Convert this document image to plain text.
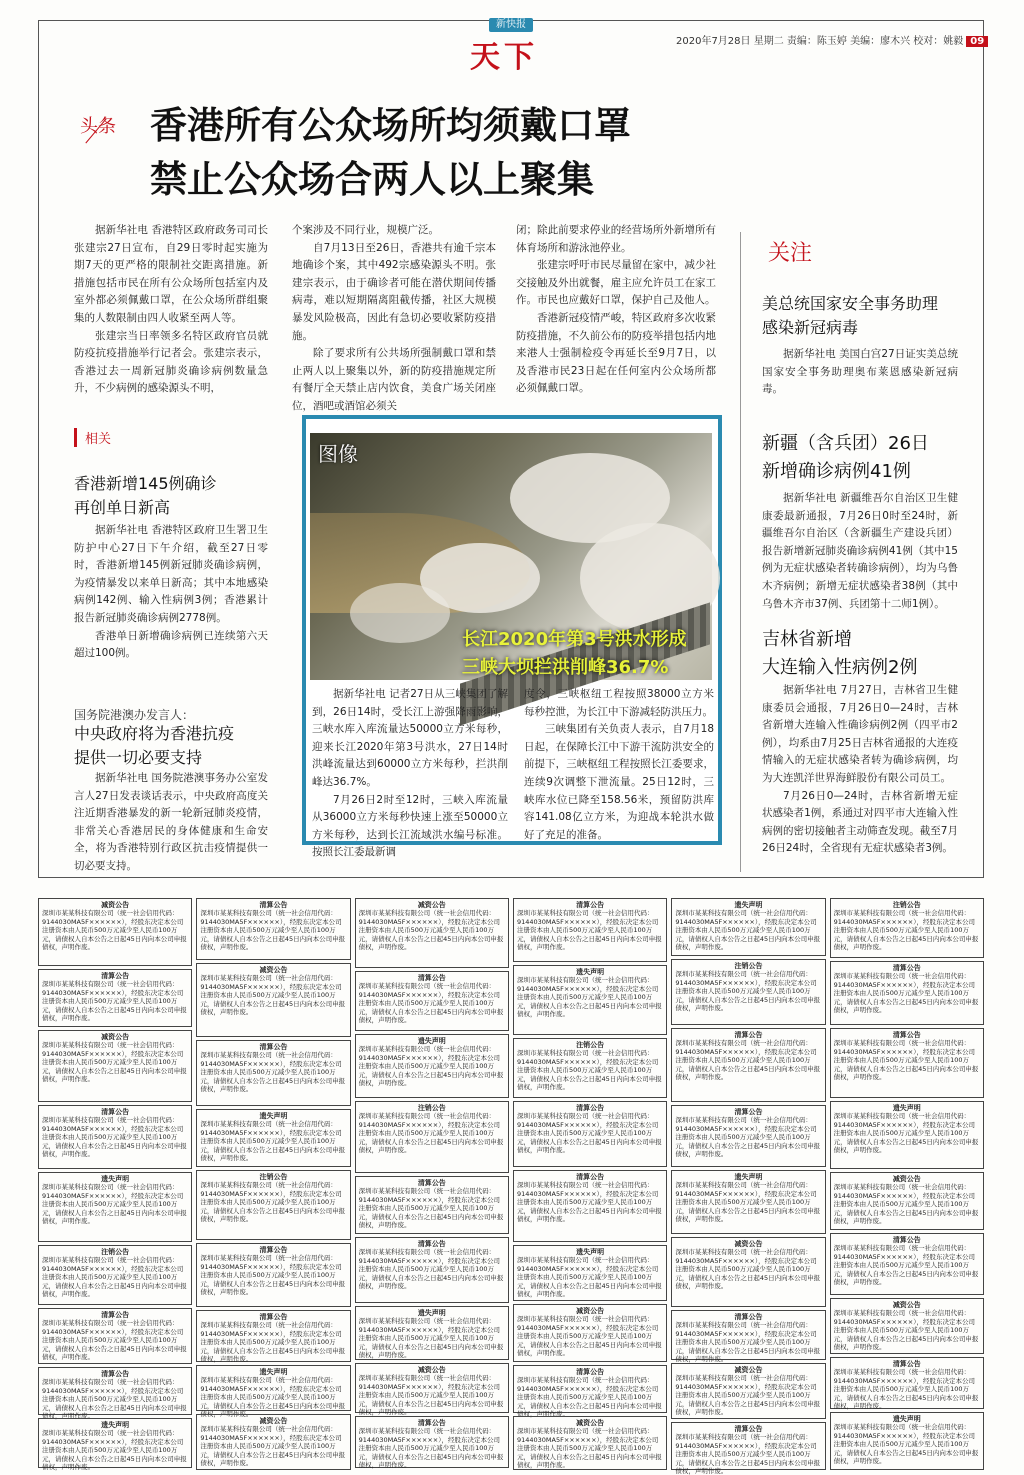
新快报
天下	2020年7月28日 星期二 责编：陈玉婷 美编：廖木兴 校对：姚毅 09
头条 香港所有公众场所均须戴口罩
禁止公众场合两人以上聚集

据新华社电 香港特区政府政务司司长张建宗27日宣布，自29日零时起实施为期7天的更严格的限制社交距离措施。新措施包括市民在所有公众场所包括室内及室外都必须佩戴口罩，在公众场所群组聚集的人数限制由四人收紧至两人等。

张建宗当日率领多名特区政府官员就防疫抗疫措施举行记者会。张建宗表示，香港过去一周新冠肺炎确诊病例数量急升，不少病例的感染源头不明，

个案涉及不同行业，规模广泛。

自7月13日至26日，香港共有逾千宗本地确诊个案，其中492宗感染源头不明。张建宗表示，由于确诊者可能在潜伏期间传播病毒，难以短期隔离阻截传播，社区大规模暴发风险极高，因此有急切必要收紧防疫措施。

除了要求所有公共场所强制戴口罩和禁止两人以上聚集以外，新的防疫措施规定所有餐厅全天禁止店内饮食，美食广场关闭座位，酒吧或酒馆必须关

闭；除此前要求停业的经营场所外新增所有体育场所和游泳池停业。

张建宗呼吁市民尽量留在家中，减少社交接触及外出就餐，雇主应允许员工在家工作。市民也应戴好口罩，保护自己及他人。

香港新冠疫情严峻，特区政府多次收紧防疫措施，不久前公布的防疫举措包括内地来港人士强制检疫令再延长至9月7日，以及香港市民23日起在任何室内公众场所都必须佩戴口罩。

相关
香港新增145例确诊
再创单日新高

据新华社电 香港特区政府卫生署卫生防护中心27日下午介绍，截至27日零时，香港新增145例新冠肺炎确诊病例，为疫情暴发以来单日新高；其中本地感染病例142例、输入性病例3例；香港累计报告新冠肺炎确诊病例2778例。

香港单日新增确诊病例已连续第六天超过100例。

国务院港澳办发言人：
中央政府将为香港抗疫
提供一切必要支持

据新华社电 国务院港澳事务办公室发言人27日发表谈话表示，中央政府高度关注近期香港暴发的新一轮新冠肺炎疫情，非常关心香港居民的身体健康和生命安全，将为香港特别行政区抗击疫情提供一切必要支持。

图像
长江2020年第3号洪水形成
三峡大坝拦洪削峰36.7%

据新华社电 记者27日从三峡集团了解到，26日14时，受长江上游强降雨影响，三峡水库入库流量达50000立方米每秒，迎来长江2020年第3号洪水，27日14时洪峰流量达到60000立方米每秒，拦洪削峰达36.7%。

7月26日2时至12时，三峡入库流量从36000立方米每秒快速上涨至50000立方米每秒，达到长江流域洪水编号标准。按照长江委最新调

度令，三峡枢纽工程按照38000立方米每秒控泄，为长江中下游减轻防洪压力。

三峡集团有关负责人表示，自7月18日起，在保障长江中下游干流防洪安全的前提下，三峡枢纽工程按照长江委要求，连续9次调整下泄流量。25日12时，三峡库水位已降至158.56米，预留防洪库容141.08亿立方米，为迎战本轮洪水做好了充足的准备。

关注
美总统国家安全事务助理
感染新冠病毒

据新华社电 美国白宫27日证实美总统国家安全事务助理奥布莱恩感染新冠病毒。

新疆（含兵团）26日
新增确诊病例41例

据新华社电 新疆维吾尔自治区卫生健康委最新通报，7月26日0时至24时，新疆维吾尔自治区（含新疆生产建设兵团）报告新增新冠肺炎确诊病例41例（其中15例为无症状感染者转确诊病例），均为乌鲁木齐病例；新增无症状感染者38例（其中乌鲁木齐市37例、兵团第十二师1例）。

吉林省新增
大连输入性病例2例

据新华社电 7月27日，吉林省卫生健康委员会通报，7月26日0—24时，吉林省新增大连输入性确诊病例2例（四平市2例），均系由7月25日吉林省通报的大连疫情输入的无症状感染者转为确诊病例，均为大连凯洋世界海鲜股份有限公司员工。

7月26日0—24时，吉林省新增无症状感染者1例，系通过对四平市大连输入性病例的密切接触者主动筛查发现。截至7月26日24时，全省现有无症状感染者3例。

减资公告
深圳市某某科技有限公司（统一社会信用代码：9144030MA5F××××××），经股东决定本公司注册资本由人民币500万元减少至人民币100万元，请债权人自本公告之日起45日内向本公司申报债权，声明作废。
清算公告
深圳市某某科技有限公司（统一社会信用代码：9144030MA5F××××××），经股东决定本公司注册资本由人民币500万元减少至人民币100万元，请债权人自本公告之日起45日内向本公司申报债权，声明作废。
减资公告
深圳市某某科技有限公司（统一社会信用代码：9144030MA5F××××××），经股东决定本公司注册资本由人民币500万元减少至人民币100万元，请债权人自本公告之日起45日内向本公司申报债权，声明作废。
清算公告
深圳市某某科技有限公司（统一社会信用代码：9144030MA5F××××××），经股东决定本公司注册资本由人民币500万元减少至人民币100万元，请债权人自本公告之日起45日内向本公司申报债权，声明作废。
遗失声明
深圳市某某科技有限公司（统一社会信用代码：9144030MA5F××××××），经股东决定本公司注册资本由人民币500万元减少至人民币100万元，请债权人自本公告之日起45日内向本公司申报债权，声明作废。
注销公告
深圳市某某科技有限公司（统一社会信用代码：9144030MA5F××××××），经股东决定本公司注册资本由人民币500万元减少至人民币100万元，请债权人自本公告之日起45日内向本公司申报债权，声明作废。
清算公告
深圳市某某科技有限公司（统一社会信用代码：9144030MA5F××××××），经股东决定本公司注册资本由人民币500万元减少至人民币100万元，请债权人自本公告之日起45日内向本公司申报债权，声明作废。
清算公告
深圳市某某科技有限公司（统一社会信用代码：9144030MA5F××××××），经股东决定本公司注册资本由人民币500万元减少至人民币100万元，请债权人自本公告之日起45日内向本公司申报债权，声明作废。
遗失声明
深圳市某某科技有限公司（统一社会信用代码：9144030MA5F××××××），经股东决定本公司注册资本由人民币500万元减少至人民币100万元，请债权人自本公告之日起45日内向本公司申报债权，声明作废。
清算公告
深圳市某某科技有限公司（统一社会信用代码：9144030MA5F××××××），经股东决定本公司注册资本由人民币500万元减少至人民币100万元，请债权人自本公告之日起45日内向本公司申报债权，声明作废。
减资公告
深圳市某某科技有限公司（统一社会信用代码：9144030MA5F××××××），经股东决定本公司注册资本由人民币500万元减少至人民币100万元，请债权人自本公告之日起45日内向本公司申报债权，声明作废。
清算公告
深圳市某某科技有限公司（统一社会信用代码：9144030MA5F××××××），经股东决定本公司注册资本由人民币500万元减少至人民币100万元，请债权人自本公告之日起45日内向本公司申报债权，声明作废。
遗失声明
深圳市某某科技有限公司（统一社会信用代码：9144030MA5F××××××），经股东决定本公司注册资本由人民币500万元减少至人民币100万元，请债权人自本公告之日起45日内向本公司申报债权，声明作废。
注销公告
深圳市某某科技有限公司（统一社会信用代码：9144030MA5F××××××），经股东决定本公司注册资本由人民币500万元减少至人民币100万元，请债权人自本公告之日起45日内向本公司申报债权，声明作废。
清算公告
深圳市某某科技有限公司（统一社会信用代码：9144030MA5F××××××），经股东决定本公司注册资本由人民币500万元减少至人民币100万元，请债权人自本公告之日起45日内向本公司申报债权，声明作废。
清算公告
深圳市某某科技有限公司（统一社会信用代码：9144030MA5F××××××），经股东决定本公司注册资本由人民币500万元减少至人民币100万元，请债权人自本公告之日起45日内向本公司申报债权，声明作废。
遗失声明
深圳市某某科技有限公司（统一社会信用代码：9144030MA5F××××××），经股东决定本公司注册资本由人民币500万元减少至人民币100万元，请债权人自本公告之日起45日内向本公司申报债权，声明作废。
减资公告
深圳市某某科技有限公司（统一社会信用代码：9144030MA5F××××××），经股东决定本公司注册资本由人民币500万元减少至人民币100万元，请债权人自本公告之日起45日内向本公司申报债权，声明作废。
减资公告
深圳市某某科技有限公司（统一社会信用代码：9144030MA5F××××××），经股东决定本公司注册资本由人民币500万元减少至人民币100万元，请债权人自本公告之日起45日内向本公司申报债权，声明作废。
清算公告
深圳市某某科技有限公司（统一社会信用代码：9144030MA5F××××××），经股东决定本公司注册资本由人民币500万元减少至人民币100万元，请债权人自本公告之日起45日内向本公司申报债权，声明作废。
遗失声明
深圳市某某科技有限公司（统一社会信用代码：9144030MA5F××××××），经股东决定本公司注册资本由人民币500万元减少至人民币100万元，请债权人自本公告之日起45日内向本公司申报债权，声明作废。
注销公告
深圳市某某科技有限公司（统一社会信用代码：9144030MA5F××××××），经股东决定本公司注册资本由人民币500万元减少至人民币100万元，请债权人自本公告之日起45日内向本公司申报债权，声明作废。
清算公告
深圳市某某科技有限公司（统一社会信用代码：9144030MA5F××××××），经股东决定本公司注册资本由人民币500万元减少至人民币100万元，请债权人自本公告之日起45日内向本公司申报债权，声明作废。
清算公告
深圳市某某科技有限公司（统一社会信用代码：9144030MA5F××××××），经股东决定本公司注册资本由人民币500万元减少至人民币100万元，请债权人自本公告之日起45日内向本公司申报债权，声明作废。
遗失声明
深圳市某某科技有限公司（统一社会信用代码：9144030MA5F××××××），经股东决定本公司注册资本由人民币500万元减少至人民币100万元，请债权人自本公告之日起45日内向本公司申报债权，声明作废。
减资公告
深圳市某某科技有限公司（统一社会信用代码：9144030MA5F××××××），经股东决定本公司注册资本由人民币500万元减少至人民币100万元，请债权人自本公告之日起45日内向本公司申报债权，声明作废。
清算公告
深圳市某某科技有限公司（统一社会信用代码：9144030MA5F××××××），经股东决定本公司注册资本由人民币500万元减少至人民币100万元，请债权人自本公告之日起45日内向本公司申报债权，声明作废。
清算公告
深圳市某某科技有限公司（统一社会信用代码：9144030MA5F××××××），经股东决定本公司注册资本由人民币500万元减少至人民币100万元，请债权人自本公告之日起45日内向本公司申报债权，声明作废。
遗失声明
深圳市某某科技有限公司（统一社会信用代码：9144030MA5F××××××），经股东决定本公司注册资本由人民币500万元减少至人民币100万元，请债权人自本公告之日起45日内向本公司申报债权，声明作废。
注销公告
深圳市某某科技有限公司（统一社会信用代码：9144030MA5F××××××），经股东决定本公司注册资本由人民币500万元减少至人民币100万元，请债权人自本公告之日起45日内向本公司申报债权，声明作废。
清算公告
深圳市某某科技有限公司（统一社会信用代码：9144030MA5F××××××），经股东决定本公司注册资本由人民币500万元减少至人民币100万元，请债权人自本公告之日起45日内向本公司申报债权，声明作废。
清算公告
深圳市某某科技有限公司（统一社会信用代码：9144030MA5F××××××），经股东决定本公司注册资本由人民币500万元减少至人民币100万元，请债权人自本公告之日起45日内向本公司申报债权，声明作废。
遗失声明
深圳市某某科技有限公司（统一社会信用代码：9144030MA5F××××××），经股东决定本公司注册资本由人民币500万元减少至人民币100万元，请债权人自本公告之日起45日内向本公司申报债权，声明作废。
减资公告
深圳市某某科技有限公司（统一社会信用代码：9144030MA5F××××××），经股东决定本公司注册资本由人民币500万元减少至人民币100万元，请债权人自本公告之日起45日内向本公司申报债权，声明作废。
清算公告
深圳市某某科技有限公司（统一社会信用代码：9144030MA5F××××××），经股东决定本公司注册资本由人民币500万元减少至人民币100万元，请债权人自本公告之日起45日内向本公司申报债权，声明作废。
减资公告
深圳市某某科技有限公司（统一社会信用代码：9144030MA5F××××××），经股东决定本公司注册资本由人民币500万元减少至人民币100万元，请债权人自本公告之日起45日内向本公司申报债权，声明作废。
遗失声明
深圳市某某科技有限公司（统一社会信用代码：9144030MA5F××××××），经股东决定本公司注册资本由人民币500万元减少至人民币100万元，请债权人自本公告之日起45日内向本公司申报债权，声明作废。
注销公告
深圳市某某科技有限公司（统一社会信用代码：9144030MA5F××××××），经股东决定本公司注册资本由人民币500万元减少至人民币100万元，请债权人自本公告之日起45日内向本公司申报债权，声明作废。
清算公告
深圳市某某科技有限公司（统一社会信用代码：9144030MA5F××××××），经股东决定本公司注册资本由人民币500万元减少至人民币100万元，请债权人自本公告之日起45日内向本公司申报债权，声明作废。
清算公告
深圳市某某科技有限公司（统一社会信用代码：9144030MA5F××××××），经股东决定本公司注册资本由人民币500万元减少至人民币100万元，请债权人自本公告之日起45日内向本公司申报债权，声明作废。
遗失声明
深圳市某某科技有限公司（统一社会信用代码：9144030MA5F××××××），经股东决定本公司注册资本由人民币500万元减少至人民币100万元，请债权人自本公告之日起45日内向本公司申报债权，声明作废。
减资公告
深圳市某某科技有限公司（统一社会信用代码：9144030MA5F××××××），经股东决定本公司注册资本由人民币500万元减少至人民币100万元，请债权人自本公告之日起45日内向本公司申报债权，声明作废。
清算公告
深圳市某某科技有限公司（统一社会信用代码：9144030MA5F××××××），经股东决定本公司注册资本由人民币500万元减少至人民币100万元，请债权人自本公告之日起45日内向本公司申报债权，声明作废。
减资公告
深圳市某某科技有限公司（统一社会信用代码：9144030MA5F××××××），经股东决定本公司注册资本由人民币500万元减少至人民币100万元，请债权人自本公告之日起45日内向本公司申报债权，声明作废。
清算公告
深圳市某某科技有限公司（统一社会信用代码：9144030MA5F××××××），经股东决定本公司注册资本由人民币500万元减少至人民币100万元，请债权人自本公告之日起45日内向本公司申报债权，声明作废。
注销公告
深圳市某某科技有限公司（统一社会信用代码：9144030MA5F××××××），经股东决定本公司注册资本由人民币500万元减少至人民币100万元，请债权人自本公告之日起45日内向本公司申报债权，声明作废。
清算公告
深圳市某某科技有限公司（统一社会信用代码：9144030MA5F××××××），经股东决定本公司注册资本由人民币500万元减少至人民币100万元，请债权人自本公告之日起45日内向本公司申报债权，声明作废。
清算公告
深圳市某某科技有限公司（统一社会信用代码：9144030MA5F××××××），经股东决定本公司注册资本由人民币500万元减少至人民币100万元，请债权人自本公告之日起45日内向本公司申报债权，声明作废。
遗失声明
深圳市某某科技有限公司（统一社会信用代码：9144030MA5F××××××），经股东决定本公司注册资本由人民币500万元减少至人民币100万元，请债权人自本公告之日起45日内向本公司申报债权，声明作废。
减资公告
深圳市某某科技有限公司（统一社会信用代码：9144030MA5F××××××），经股东决定本公司注册资本由人民币500万元减少至人民币100万元，请债权人自本公告之日起45日内向本公司申报债权，声明作废。
清算公告
深圳市某某科技有限公司（统一社会信用代码：9144030MA5F××××××），经股东决定本公司注册资本由人民币500万元减少至人民币100万元，请债权人自本公告之日起45日内向本公司申报债权，声明作废。
减资公告
深圳市某某科技有限公司（统一社会信用代码：9144030MA5F××××××），经股东决定本公司注册资本由人民币500万元减少至人民币100万元，请债权人自本公告之日起45日内向本公司申报债权，声明作废。
清算公告
深圳市某某科技有限公司（统一社会信用代码：9144030MA5F××××××），经股东决定本公司注册资本由人民币500万元减少至人民币100万元，请债权人自本公告之日起45日内向本公司申报债权，声明作废。
遗失声明
深圳市某某科技有限公司（统一社会信用代码：9144030MA5F××××××），经股东决定本公司注册资本由人民币500万元减少至人民币100万元，请债权人自本公告之日起45日内向本公司申报债权，声明作废。
